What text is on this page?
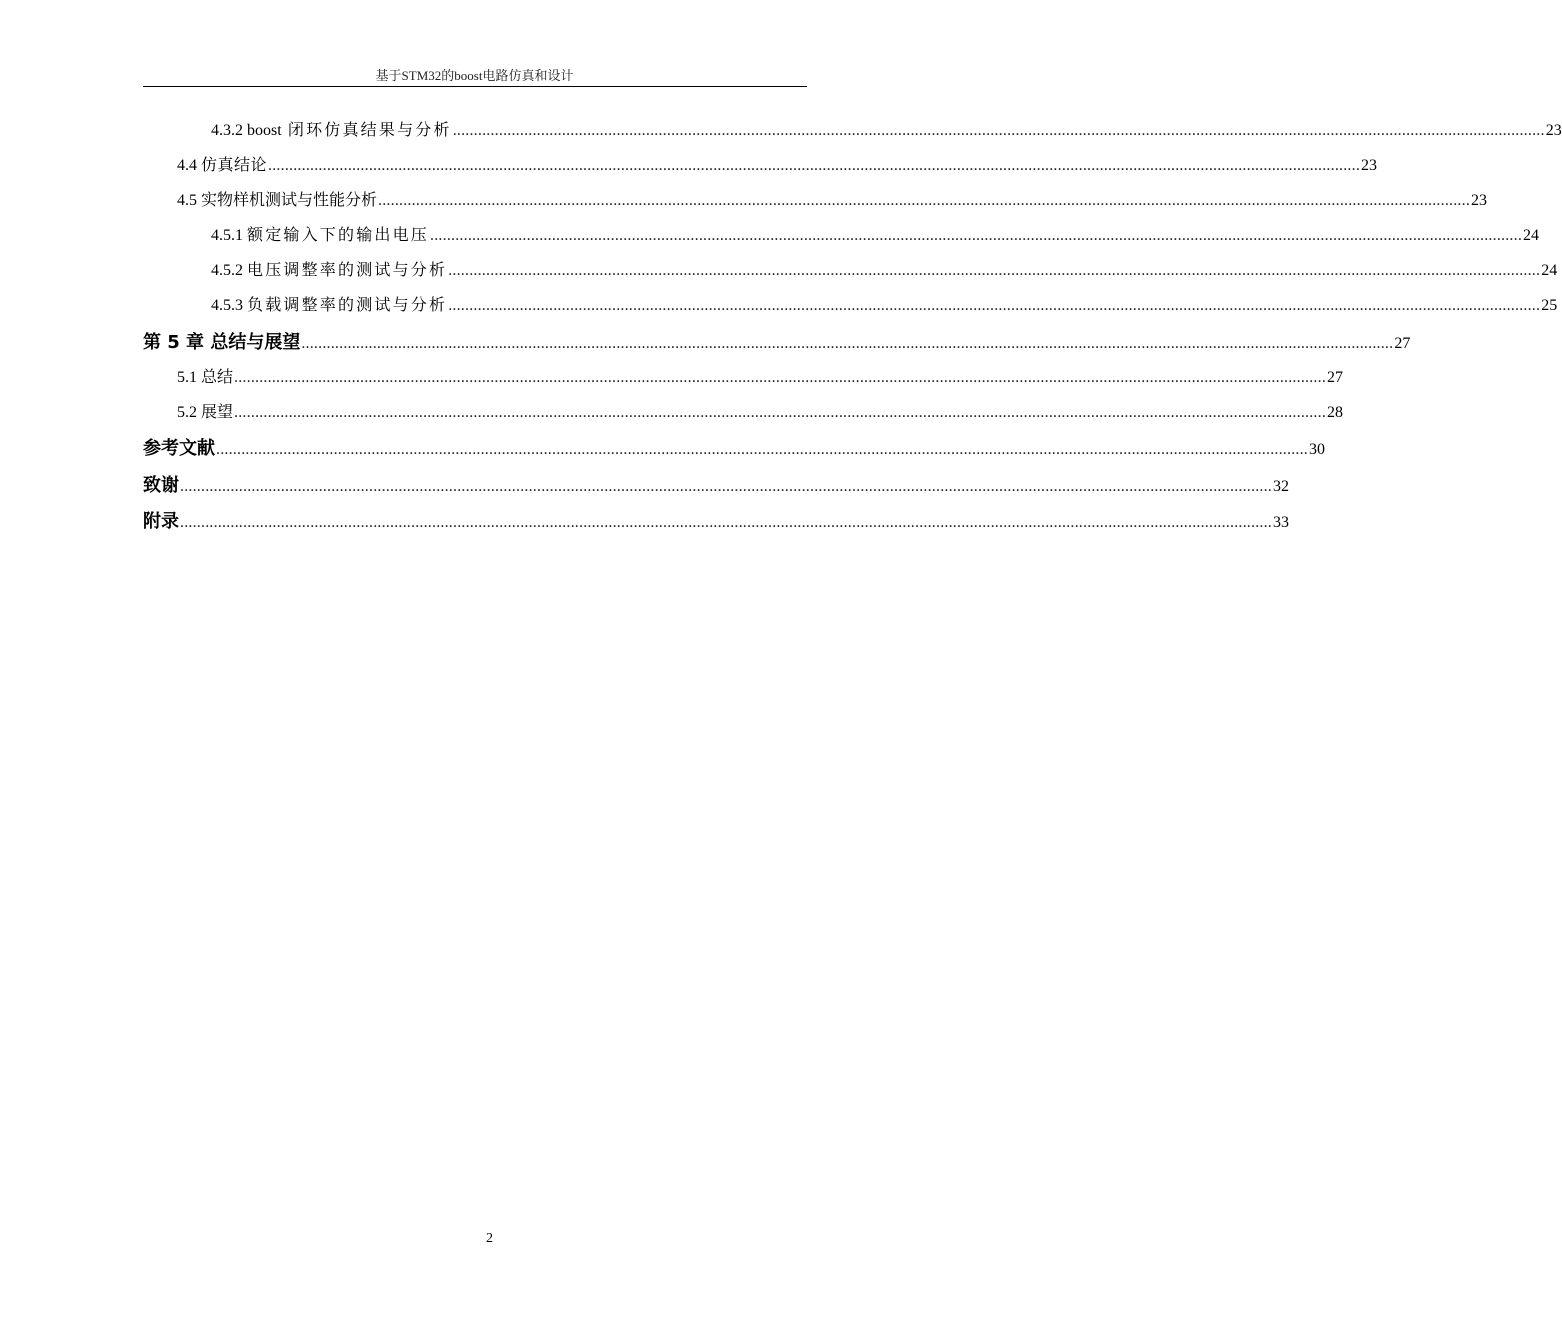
基于STM32的boost电路仿真和设计
4.3.2 boost 闭环仿真结果与分析 .................................................................................................................................................................................................................................................................... 23
4.4 仿真结论 .................................................................................................................................................................................................................................................................... 23
4.5 实物样机测试与性能分析 .................................................................................................................................................................................................................................................................... 23
4.5.1 额定输入下的输出电压 .................................................................................................................................................................................................................................................................... 24
4.5.2 电压调整率的测试与分析 .................................................................................................................................................................................................................................................................... 24
4.5.3 负载调整率的测试与分析 .................................................................................................................................................................................................................................................................... 25
第 5 章 总结与展望 .................................................................................................................................................................................................................................................................... 27
5.1 总结 .................................................................................................................................................................................................................................................................... 27
5.2 展望 .................................................................................................................................................................................................................................................................... 28
参考文献 .................................................................................................................................................................................................................................................................... 30
致谢 .................................................................................................................................................................................................................................................................... 32
附录 .................................................................................................................................................................................................................................................................... 33
2
